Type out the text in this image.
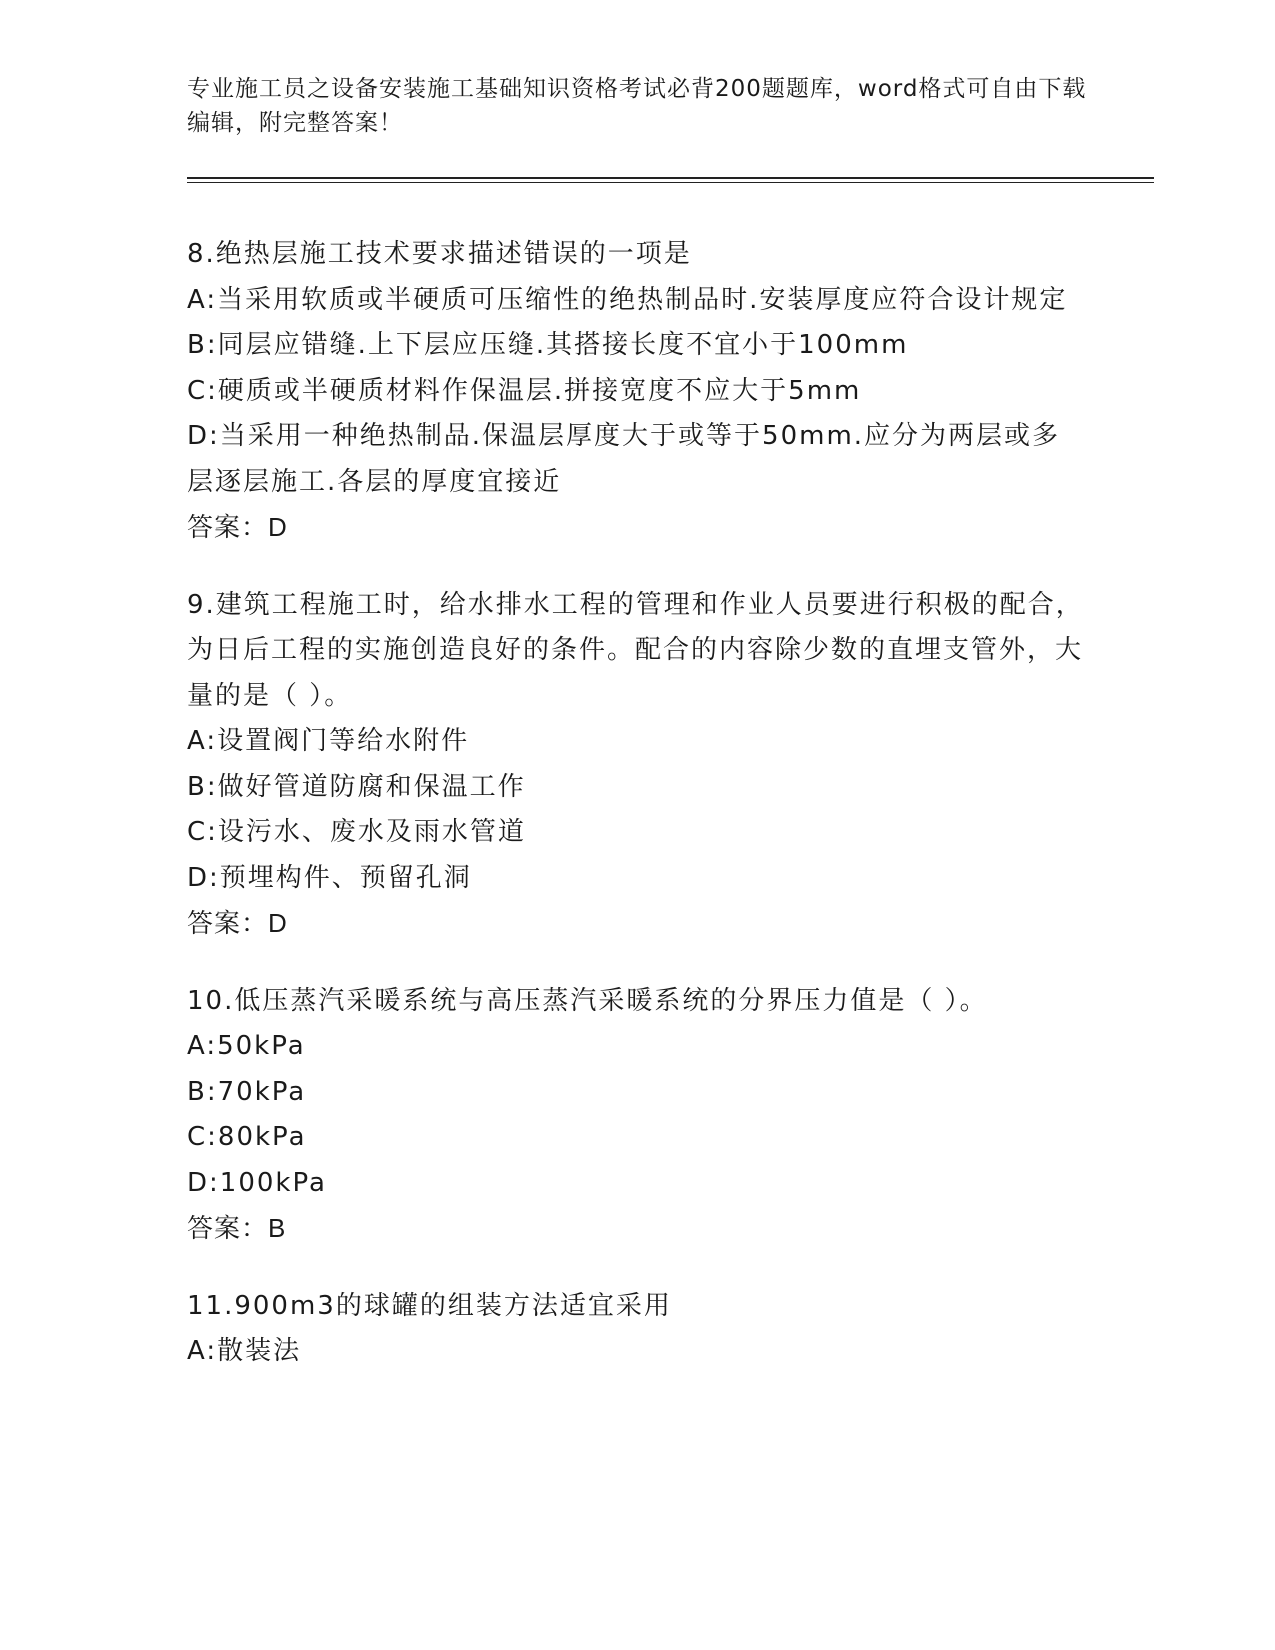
专业施工员之设备安装施工基础知识资格考试必背200题题库，word格式可自由下载编辑，附完整答案！

8.绝热层施工技术要求描述错误的一项是

A:当采用软质或半硬质可压缩性的绝热制品时.安装厚度应符合设计规定

B:同层应错缝.上下层应压缝.其搭接长度不宜小于100mm

C:硬质或半硬质材料作保温层.拼接宽度不应大于5mm

D:当采用一种绝热制品.保温层厚度大于或等于50mm.应分为两层或多层逐层施工.各层的厚度宜接近

答案：D

9.建筑工程施工时，给水排水工程的管理和作业人员要进行积极的配合，为日后工程的实施创造良好的条件。配合的内容除少数的直埋支管外，大量的是（ ）。

A:设置阀门等给水附件

B:做好管道防腐和保温工作

C:设污水、废水及雨水管道

D:预埋构件、预留孔洞

答案：D

10.低压蒸汽采暖系统与高压蒸汽采暖系统的分界压力值是（ ）。

A:50kPa

B:70kPa

C:80kPa

D:100kPa

答案：B

11.900m3的球罐的组装方法适宜采用

A:散装法
